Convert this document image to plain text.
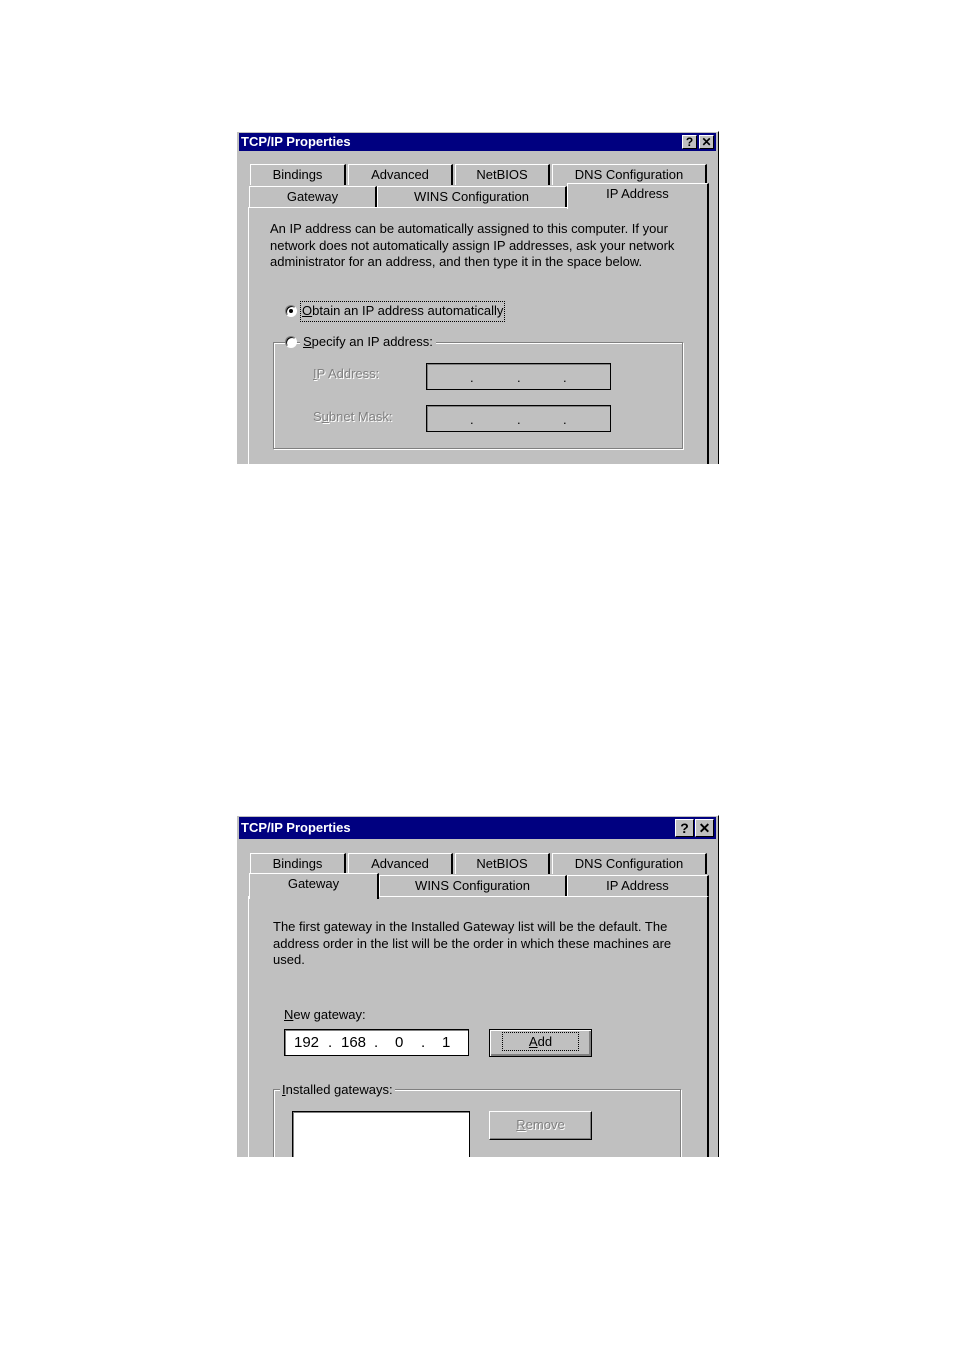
TCP/IP Properties	? ✕
Bindings	Advanced	NetBIOS	DNS Configuration
Gateway	WINS Configuration	IP Address
An IP address can be automatically assigned to this computer. If your network does not automatically assign IP addresses, ask your network administrator for an address, and then type it in the space below.
Obtain an IP address automatically
Specify an IP address:
IP Address:	.	.	.
Subnet Mask:	.	.	.
TCP/IP Properties	? ✕
Bindings	Advanced	NetBIOS	DNS Configuration
Gateway	WINS Configuration	IP Address
The first gateway in the Installed Gateway list will be the default. The address order in the list will be the order in which these machines are used.
New gateway:
192 . 168 . 0 . 1	Add
Installed gateways:
Remove
